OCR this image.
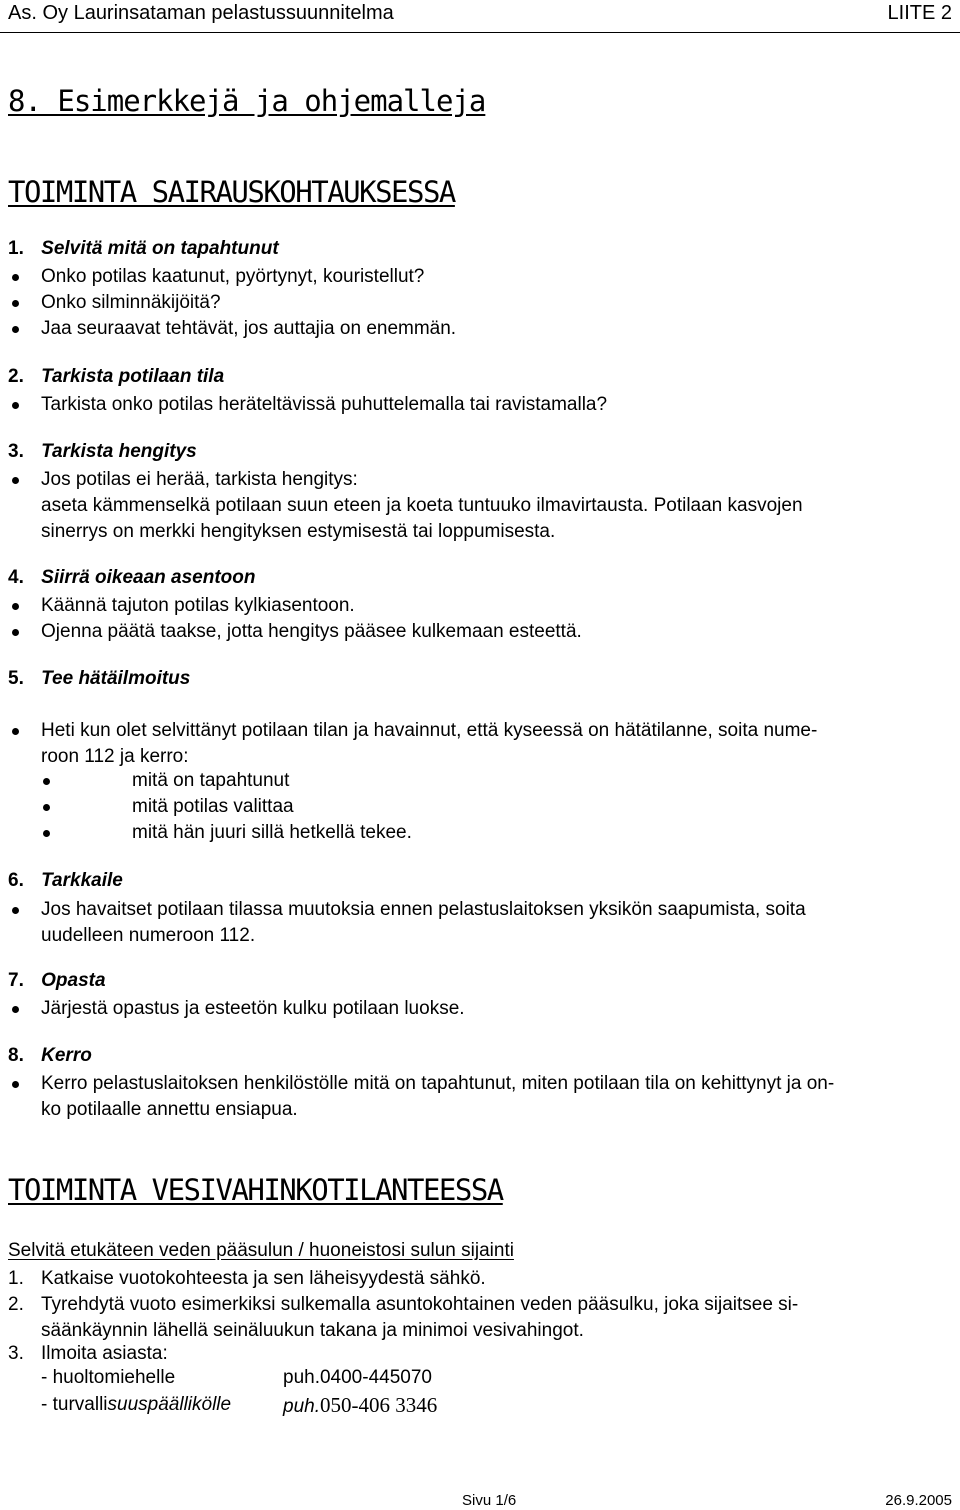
As. Oy Laurinsataman pelastussuunnitelma	LIITE 2
8. Esimerkkejä ja ohjemalleja
TOIMINTA SAIRAUSKOHTAUKSESSA
1. Selvitä mitä on tapahtunut
Onko potilas kaatunut, pyörtynyt, kouristellut?
Onko silminnäkijöitä?
Jaa seuraavat tehtävät, jos auttajia on enemmän.
2. Tarkista potilaan tila
Tarkista onko potilas heräteltävissä puhuttelemalla tai ravistamalla?
3. Tarkista hengitys
Jos potilas ei herää, tarkista hengitys:
aseta kämmenselkä potilaan suun eteen ja koeta tuntuuko ilmavirtausta. Potilaan kasvojen
sinerrys on merkki hengityksen estymisestä tai loppumisesta.
4. Siirrä oikeaan asentoon
Käännä tajuton potilas kylkiasentoon.
Ojenna päätä taakse, jotta hengitys pääsee kulkemaan esteettä.
5. Tee hätäilmoitus
Heti kun olet selvittänyt potilaan tilan ja havainnut, että kyseessä on hätätilanne, soita nume-
roon 112 ja kerro:
mitä on tapahtunut
mitä potilas valittaa
mitä hän juuri sillä hetkellä tekee.
6. Tarkkaile
Jos havaitset potilaan tilassa muutoksia ennen pelastuslaitoksen yksikön saapumista, soita
uudelleen numeroon 112.
7. Opasta
Järjestä opastus ja esteetön kulku potilaan luokse.
8. Kerro
Kerro pelastuslaitoksen henkilöstölle mitä on tapahtunut, miten potilaan tila on kehittynyt ja on-
ko potilaalle annettu ensiapua.
TOIMINTA VESIVAHINKOTILANTEESSA
Selvitä etukäteen veden pääsulun / huoneistosi sulun sijainti
1. Katkaise vuotokohteesta ja sen läheisyydestä sähkö.
2. Tyrehdytä vuoto esimerkiksi sulkemalla asuntokohtainen veden pääsulku, joka sijaitsee si-
säänkäynnin lähellä seinäluukun takana ja minimoi vesivahingot.
3. Ilmoita asiasta:
- huoltomiehelle	puh.0400-445070
- turvallisuuspäällikölle	puh.050-406 3346
Sivu 1/6	26.9.2005
